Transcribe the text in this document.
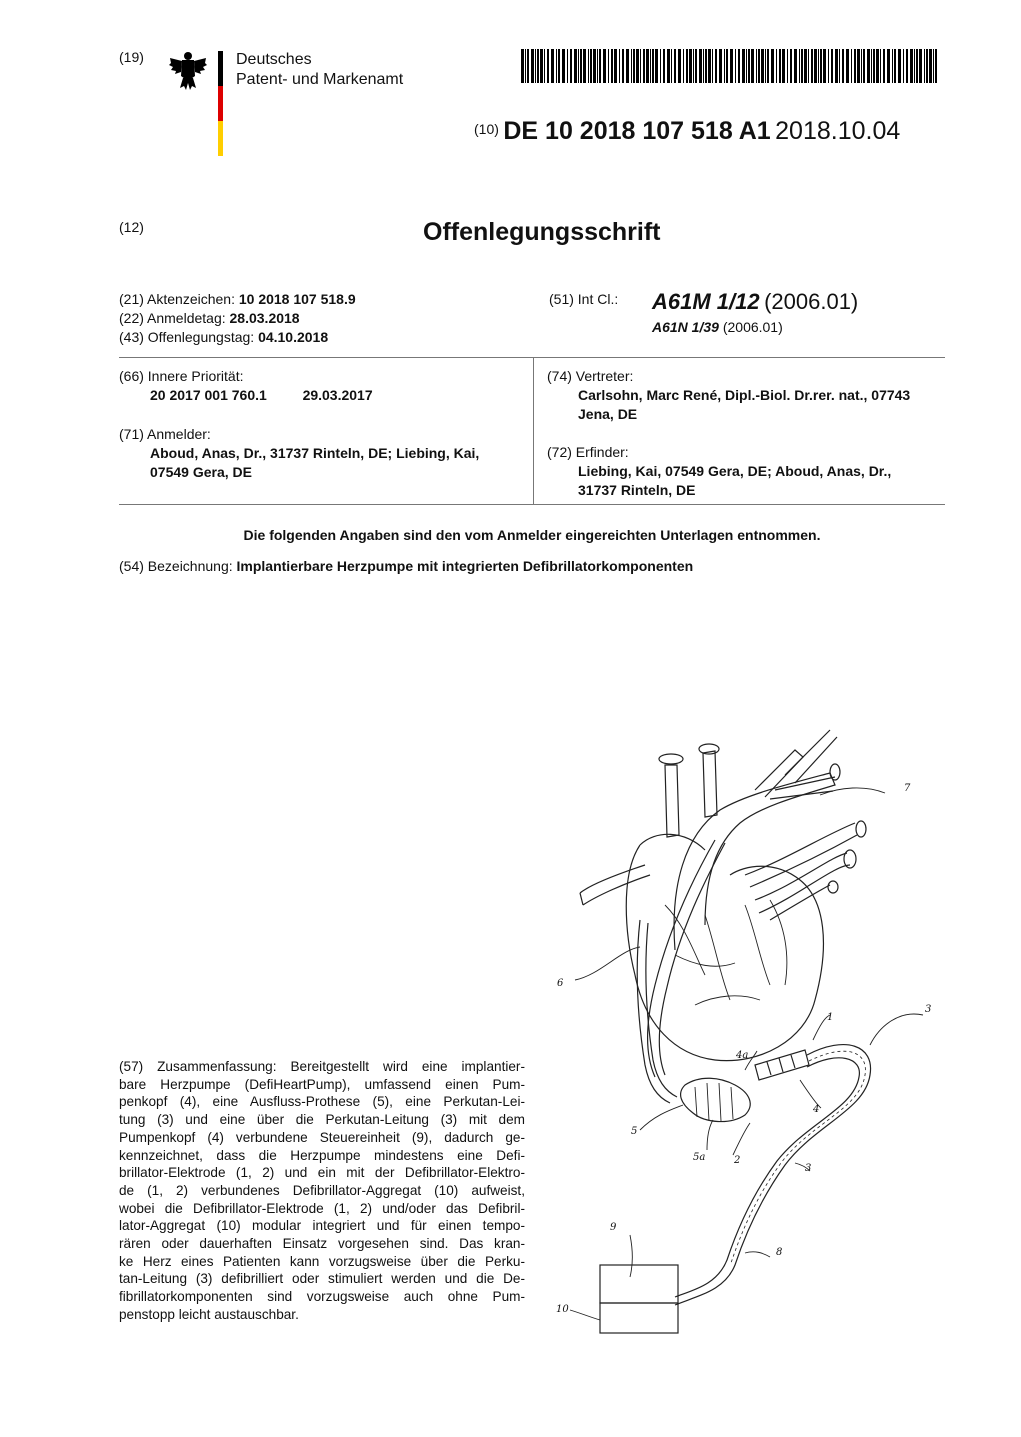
(19)	Deutsches
Patent- und Markenamt
(10) DE 10 2018 107 518 A1 2018.10.04
(12)	Offenlegungsschrift
(21) Aktenzeichen: 10 2018 107 518.9
(22) Anmeldetag: 28.03.2018
(43) Offenlegungstag: 04.10.2018
(51) Int Cl.: A61M 1/12 (2006.01)
A61N 1/39 (2006.01)
(66) Innere Priorität:
20 2017 001 760.1	29.03.2017
(71) Anmelder:
Aboud, Anas, Dr., 31737 Rinteln, DE; Liebing, Kai,
07549 Gera, DE
(74) Vertreter:
Carlsohn, Marc René, Dipl.-Biol. Dr.rer. nat., 07743
Jena, DE
(72) Erfinder:
Liebing, Kai, 07549 Gera, DE; Aboud, Anas, Dr.,
31737 Rinteln, DE
Die folgenden Angaben sind den vom Anmelder eingereichten Unterlagen entnommen.
(54) Bezeichnung: Implantierbare Herzpumpe mit integrierten Defibrillatorkomponenten
(57) Zusammenfassung: Bereitgestellt wird eine implantier-
bare Herzpumpe (DefiHeartPump), umfassend einen Pum-
penkopf (4), eine Ausfluss-Prothese (5), eine Perkutan-Lei-
tung (3) und eine über die Perkutan-Leitung (3) mit dem
Pumpenkopf (4) verbundene Steuereinheit (9), dadurch ge-
kennzeichnet, dass die Herzpumpe mindestens eine Defi-
brillator-Elektrode (1, 2) und ein mit der Defibrillator-Elektro-
de (1, 2) verbundenes Defibrillator-Aggregat (10) aufweist,
wobei die Defibrillator-Elektrode (1, 2) und/oder das Defibril-
lator-Aggregat (10) modular integriert und für einen tempo-
rären oder dauerhaften Einsatz vorgesehen sind. Das kran-
ke Herz eines Patienten kann vorzugsweise über die Perku-
tan-Leitung (3) defibrilliert oder stimuliert werden und die De-
fibrillatorkomponenten sind vorzugsweise auch ohne Pum-
penstopp leicht austauschbar.
7
6
1
3
4a
4
5
5a	2
3
9
8
10
